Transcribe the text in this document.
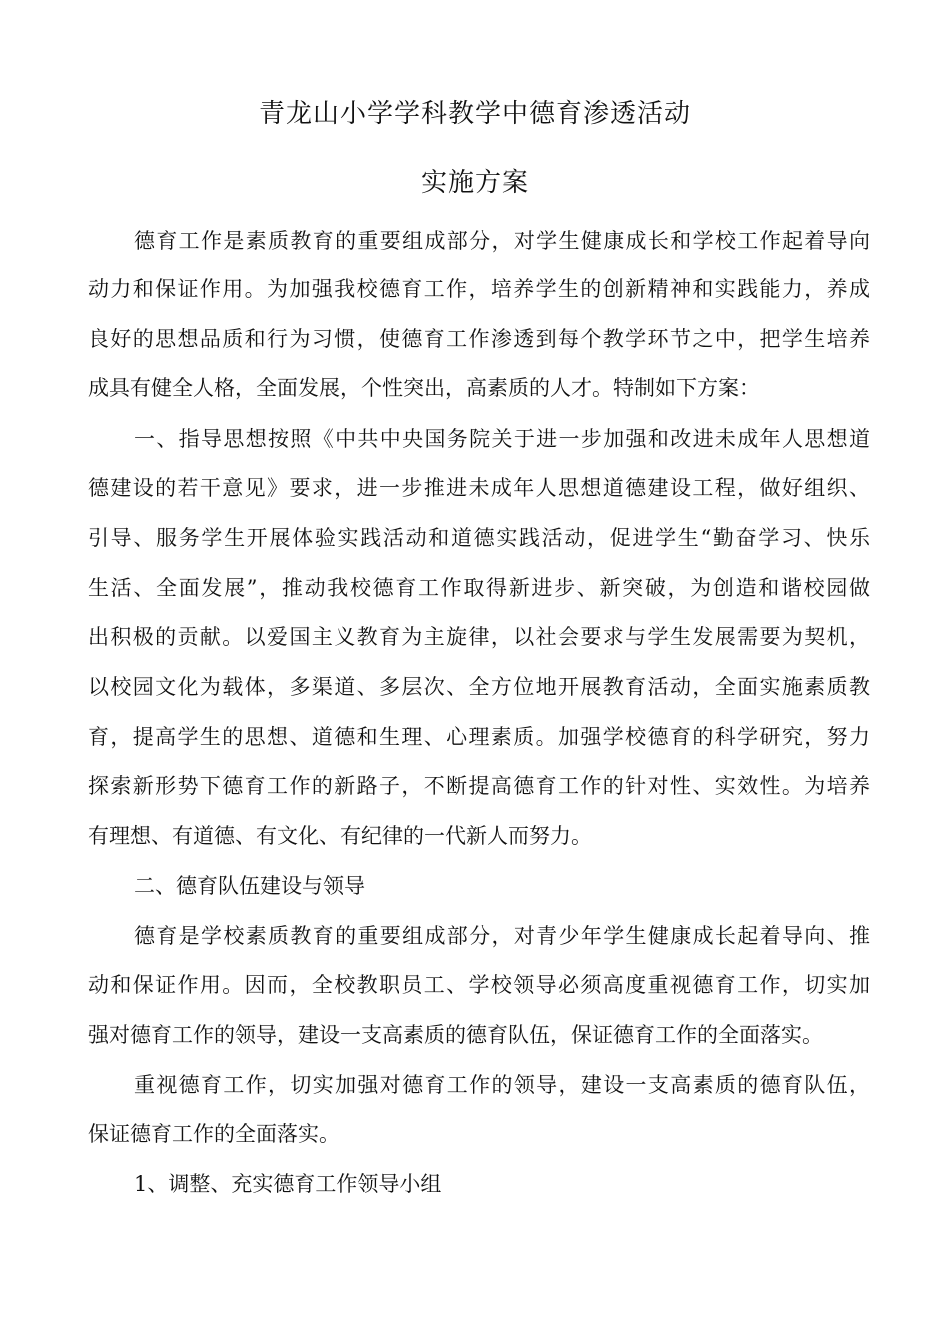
青龙山小学学科教学中德育渗透活动
实施方案
德育工作是素质教育的重要组成部分，对学生健康成长和学校工作起着导向
动力和保证作用。为加强我校德育工作，培养学生的创新精神和实践能力，养成
良好的思想品质和行为习惯，使德育工作渗透到每个教学环节之中，把学生培养
成具有健全人格，全面发展，个性突出，高素质的人才。特制如下方案：
一、指导思想按照《中共中央国务院关于进一步加强和改进未成年人思想道
德建设的若干意见》要求，进一步推进未成年人思想道德建设工程，做好组织、
引导、服务学生开展体验实践活动和道德实践活动，促进学生“勤奋学习、快乐
生活、全面发展”，推动我校德育工作取得新进步、新突破，为创造和谐校园做
出积极的贡献。以爱国主义教育为主旋律，以社会要求与学生发展需要为契机，
以校园文化为载体，多渠道、多层次、全方位地开展教育活动，全面实施素质教
育，提高学生的思想、道德和生理、心理素质。加强学校德育的科学研究，努力
探索新形势下德育工作的新路子，不断提高德育工作的针对性、实效性。为培养
有理想、有道德、有文化、有纪律的一代新人而努力。
二、德育队伍建设与领导
德育是学校素质教育的重要组成部分，对青少年学生健康成长起着导向、推
动和保证作用。因而，全校教职员工、学校领导必须高度重视德育工作，切实加
强对德育工作的领导，建设一支高素质的德育队伍，保证德育工作的全面落实。
重视德育工作，切实加强对德育工作的领导，建设一支高素质的德育队伍，
保证德育工作的全面落实。
1、调整、充实德育工作领导小组
